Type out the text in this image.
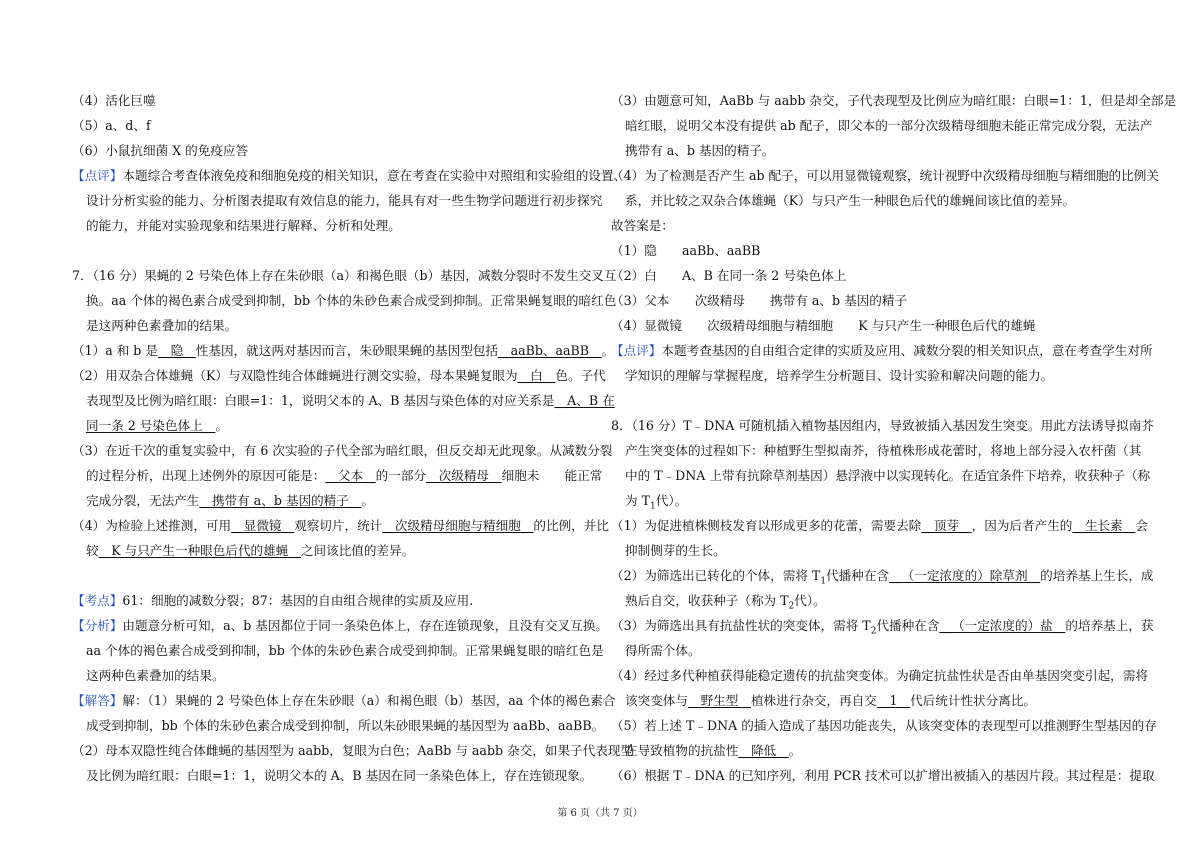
（4）活化巨噬
（5）a、d、f
（6）小鼠抗细菌 X 的免疫应答
【点评】本题综合考查体液免疫和细胞免疫的相关知识，意在考查在实验中对照组和实验组的设置、
设计分析实验的能力、分析图表提取有效信息的能力，能具有对一些生物学问题进行初步探究
的能力，并能对实验现象和结果进行解释、分析和处理。
7．（16 分）果蝇的 2 号染色体上存在朱砂眼（a）和褐色眼（b）基因，减数分裂时不发生交叉互
换。aa 个体的褐色素合成受到抑制，bb 个体的朱砂色素合成受到抑制。正常果蝇复眼的暗红色
是这两种色素叠加的结果。
（1）a 和 b 是__隐__性基因，就这两对基因而言，朱砂眼果蝇的基因型包括__aaBb、aaBB__。
（2）用双杂合体雄蝇（K）与双隐性纯合体雌蝇进行测交实验，母本果蝇复眼为__白__色。子代
表现型及比例为暗红眼：白眼=1：1，说明父本的 A、B 基因与染色体的对应关系是__A、B 在
同一条 2 号染色体上__。
（3）在近千次的重复实验中，有 6 次实验的子代全部为暗红眼，但反交却无此现象。从减数分裂
的过程分析，出现上述例外的原因可能是：__父本__的一部分__次级精母__细胞未　　能正常
完成分裂，无法产生__携带有 a、b 基因的精子__。
（4）为检验上述推测，可用__显微镜__观察切片，统计__次级精母细胞与精细胞__的比例，并比
较__K 与只产生一种眼色后代的雄蝇__之间该比值的差异。
【考点】61：细胞的减数分裂；87：基因的自由组合规律的实质及应用.
【分析】由题意分析可知，a、b 基因都位于同一条染色体上，存在连锁现象，且没有交叉互换。
aa 个体的褐色素合成受到抑制，bb 个体的朱砂色素合成受到抑制。正常果蝇复眼的暗红色是
这两种色素叠加的结果。
【解答】解：（1）果蝇的 2 号染色体上存在朱砂眼（a）和褐色眼（b）基因，aa 个体的褐色素合
成受到抑制，bb 个体的朱砂色素合成受到抑制，所以朱砂眼果蝇的基因型为 aaBb、aaBB。
（2）母本双隐性纯合体雌蝇的基因型为 aabb，复眼为白色；AaBb 与 aabb 杂交，如果子代表现型
及比例为暗红眼：白眼=1：1，说明父本的 A、B 基因在同一条染色体上，存在连锁现象。
（3）由题意可知，AaBb 与 aabb 杂交，子代表现型及比例应为暗红眼：白眼=1：1，但是却全部是
暗红眼，说明父本没有提供 ab 配子，即父本的一部分次级精母细胞未能正常完成分裂，无法产
携带有 a、b 基因的精子。
（4）为了检测是否产生 ab 配子，可以用显微镜观察，统计视野中次级精母细胞与精细胞的比例关
系，并比较之双杂合体雄蝇（K）与只产生一种眼色后代的雄蝇间该比值的差异。
故答案是：
（1）隐　　aaBb、aaBB
（2）白　　A、B 在同一条 2 号染色体上
（3）父本　　次级精母　　携带有 a、b 基因的精子
（4）显微镜　　次级精母细胞与精细胞　　K 与只产生一种眼色后代的雄蝇
【点评】本题考查基因的自由组合定律的实质及应用、减数分裂的相关知识点，意在考查学生对所
学知识的理解与掌握程度，培养学生分析题目、设计实验和解决问题的能力。
8．（16 分）T﹣DNA 可随机插入植物基因组内，导致被插入基因发生突变。用此方法诱导拟南芥
产生突变体的过程如下：种植野生型拟南芥，待植株形成花蕾时，将地上部分浸入农杆菌（其
中的 T﹣DNA 上带有抗除草剂基因）悬浮液中以实现转化。在适宜条件下培养，收获种子（称
为 $T_1$代）。
（1）为促进植株侧枝发育以形成更多的花蕾，需要去除__顶芽__，因为后者产生的__生长素__会
抑制侧芽的生长。
（2）为筛选出已转化的个体，需将 $T_1$代播种在含__（一定浓度的）除草剂__的培养基上生长，成
熟后自交，收获种子（称为 $T_2$代）。
（3）为筛选出具有抗盐性状的突变体，需将 $T_2$代播种在含__（一定浓度的）盐__的培养基上，获
得所需个体。
（4）经过多代种植获得能稳定遗传的抗盐突变体。为确定抗盐性状是否由单基因突变引起，需将
该突变体与__野生型__植株进行杂交，再自交__1__代后统计性状分离比。
（5）若上述 T﹣DNA 的插入造成了基因功能丧失，从该突变体的表现型可以推测野生型基因的存
在导致植物的抗盐性__降低__。
（6）根据 T﹣DNA 的已知序列，利用 PCR 技术可以扩增出被插入的基因片段。其过程是：提取
第 6 页（共 7 页）
